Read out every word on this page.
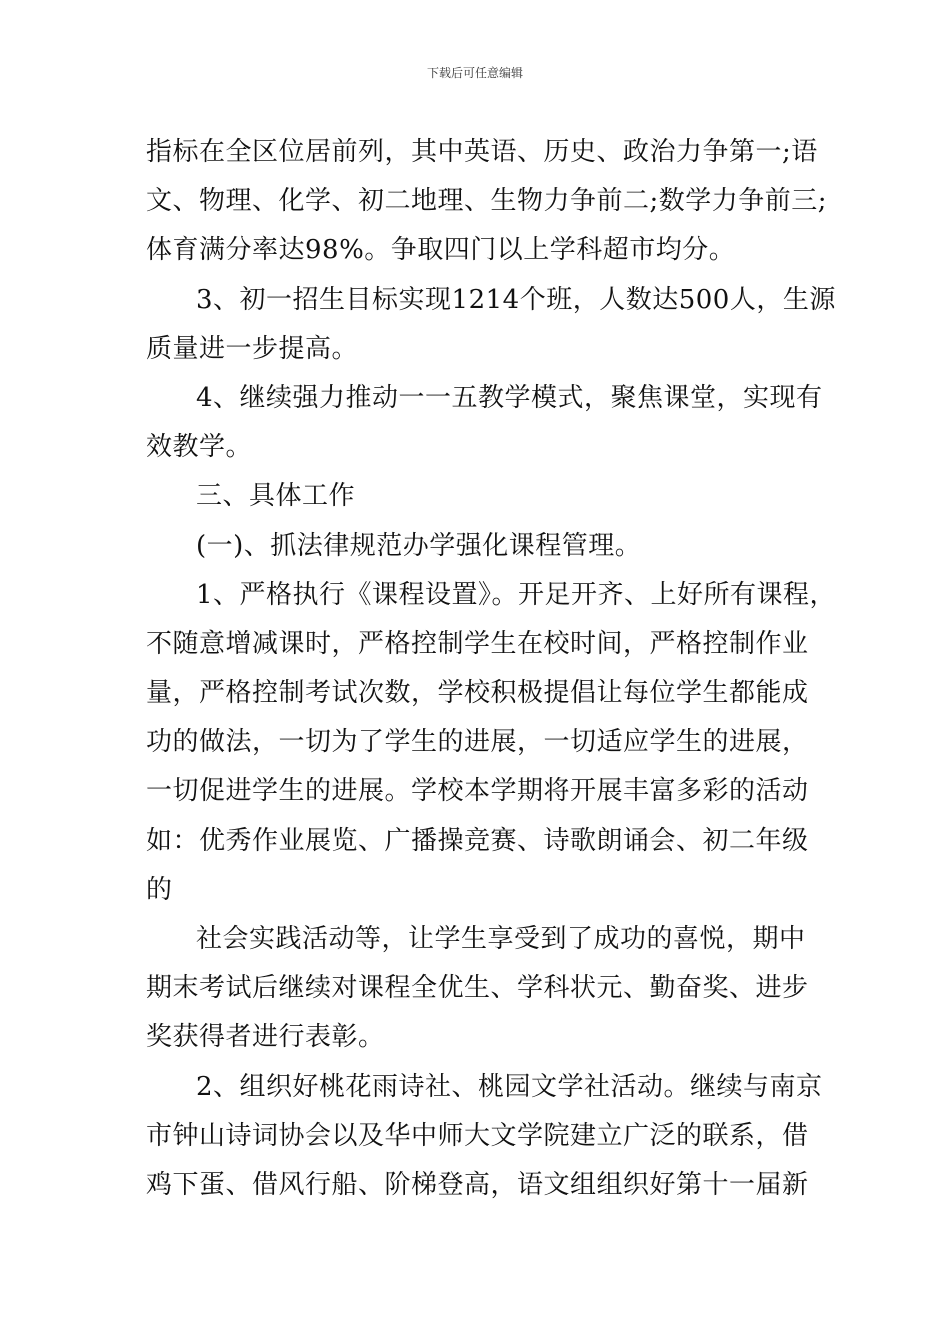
下载后可任意编辑
指标在全区位居前列，其中英语、历史、政治力争第一;语
文、物理、化学、初二地理、生物力争前二;数学力争前三;
体育满分率达98%。争取四门以上学科超市均分。
3、初一招生目标实现1214个班，人数达500人，生源
质量进一步提高。
4、继续强力推动一一五教学模式，聚焦课堂，实现有
效教学。
三、具体工作
(一)、抓法律规范办学强化课程管理。
1、严格执行《课程设置》。开足开齐、上好所有课程，
不随意增减课时，严格控制学生在校时间，严格控制作业
量，严格控制考试次数，学校积极提倡让每位学生都能成
功的做法，一切为了学生的进展，一切适应学生的进展，
一切促进学生的进展。学校本学期将开展丰富多彩的活动
如：优秀作业展览、广播操竞赛、诗歌朗诵会、初二年级
的
社会实践活动等，让学生享受到了成功的喜悦，期中
期末考试后继续对课程全优生、学科状元、勤奋奖、进步
奖获得者进行表彰。
2、组织好桃花雨诗社、桃园文学社活动。继续与南京
市钟山诗词协会以及华中师大文学院建立广泛的联系，借
鸡下蛋、借风行船、阶梯登高，语文组组织好第十一届新
